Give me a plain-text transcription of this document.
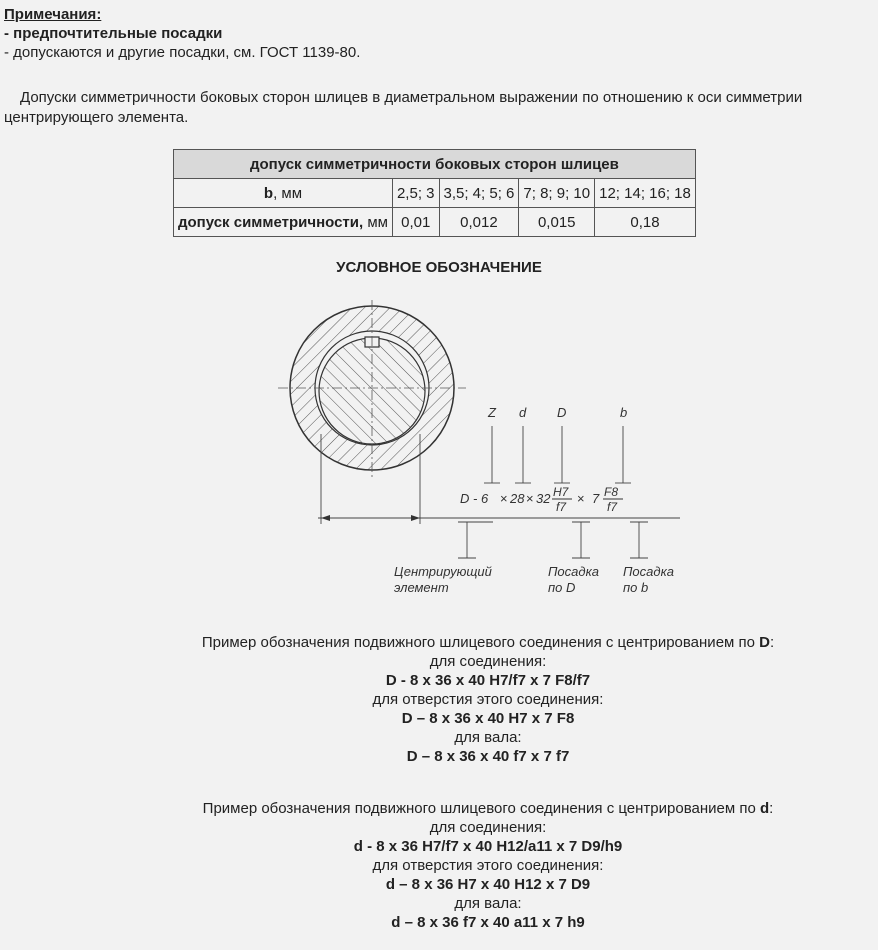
Примечания:
- предпочтительные посадки
- допускаются и другие посадки, см. ГОСТ 1139-80.
Допуски симметричности боковых сторон шлицев в диаметральном выражении по отношению к оси симметрии центрирующего элемента.
допуск симметричности боковых сторон шлицев				
b, мм	2,5; 3	3,5; 4; 5; 6	7; 8; 9; 10	12; 14; 16; 18
допуск симметричности, мм	0,01	0,012	0,015	0,18
УСЛОВНОЕ ОБОЗНАЧЕНИЕ
Z d D	b
D - 6 × 28 × 32 H7
f7
× 7 F8
f7
Центрирующий
элемент
Посадка
по D
Посадка
по b
Пример обозначения подвижного шлицевого соединения с центрированием по D:
для соединения:
D - 8 x 36 x 40 H7/f7 x 7 F8/f7
для отверстия этого соединения:
D – 8 x 36 x 40 H7 x 7 F8
для вала:
D – 8 x 36 x 40 f7 x 7 f7
Пример обозначения подвижного шлицевого соединения с центрированием по d:
для соединения:
d - 8 x 36 H7/f7 x 40 H12/a11 x 7 D9/h9
для отверстия этого соединения:
d – 8 x 36 H7 x 40 H12 x 7 D9
для вала:
d – 8 x 36 f7 x 40 a11 x 7 h9
